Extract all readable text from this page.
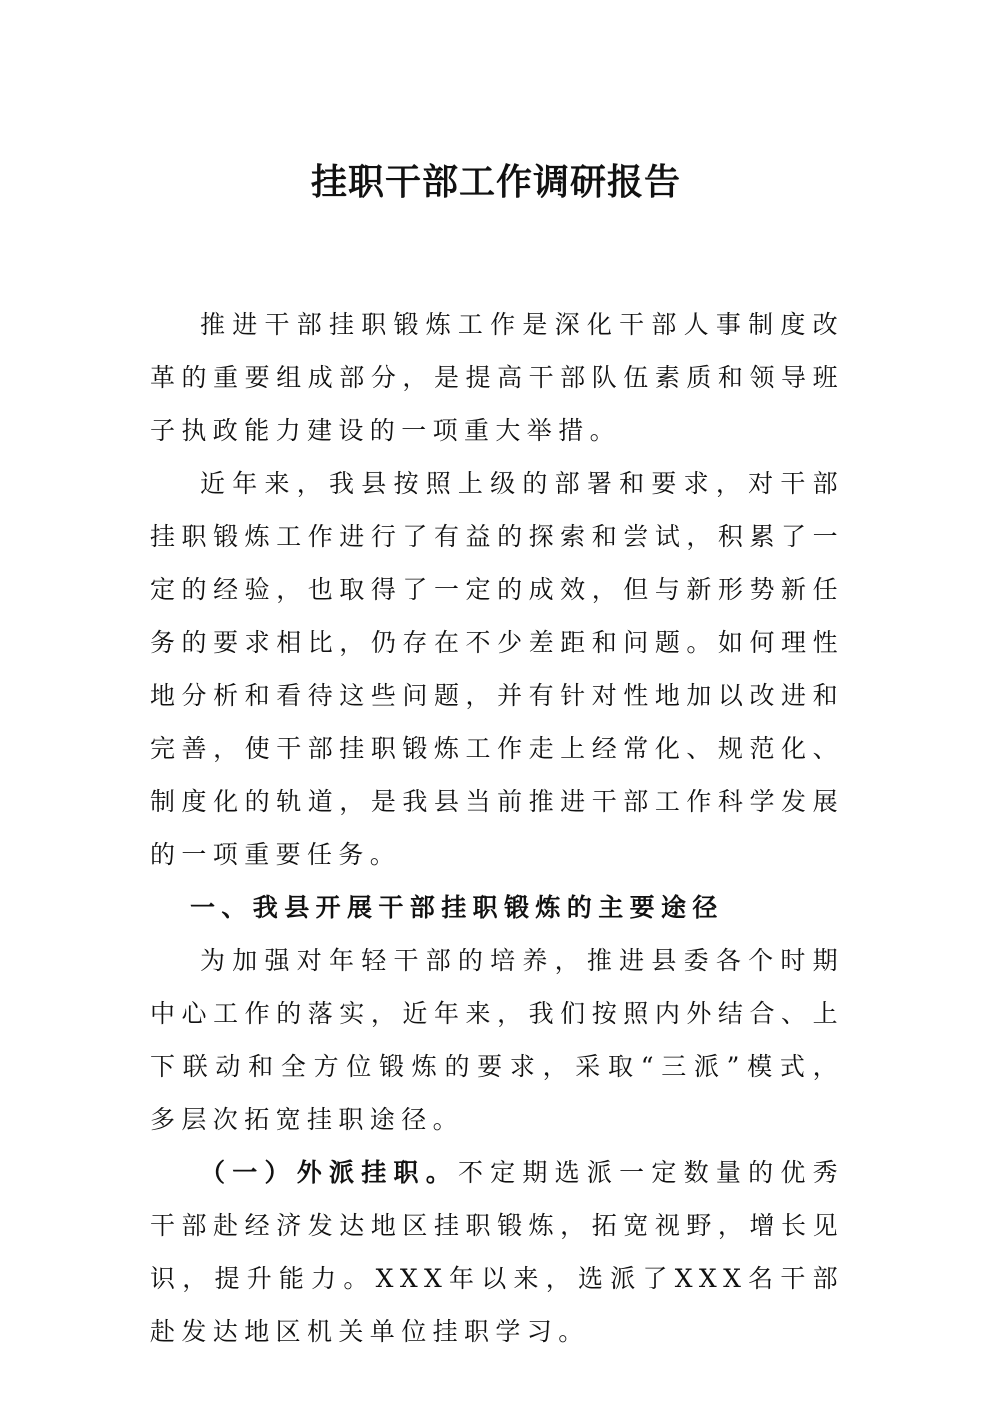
挂职干部工作调研报告

推进干部挂职锻炼工作是深化干部人事制度改革的重要组成部分，是提高干部队伍素质和领导班子执政能力建设的一项重大举措。

近年来，我县按照上级的部署和要求，对干部挂职锻炼工作进行了有益的探索和尝试，积累了一定的经验，也取得了一定的成效，但与新形势新任务的要求相比，仍存在不少差距和问题。如何理性地分析和看待这些问题，并有针对性地加以改进和完善，使干部挂职锻炼工作走上经常化、规范化、制度化的轨道，是我县当前推进干部工作科学发展的一项重要任务。

一、我县开展干部挂职锻炼的主要途径

为加强对年轻干部的培养，推进县委各个时期中心工作的落实，近年来，我们按照内外结合、上下联动和全方位锻炼的要求，采取“三派”模式，多层次拓宽挂职途径。

（一）外派挂职。不定期选派一定数量的优秀干部赴经济发达地区挂职锻炼，拓宽视野，增长见识，提升能力。XXX年以来，选派了XXX名干部赴发达地区机关单位挂职学习。
